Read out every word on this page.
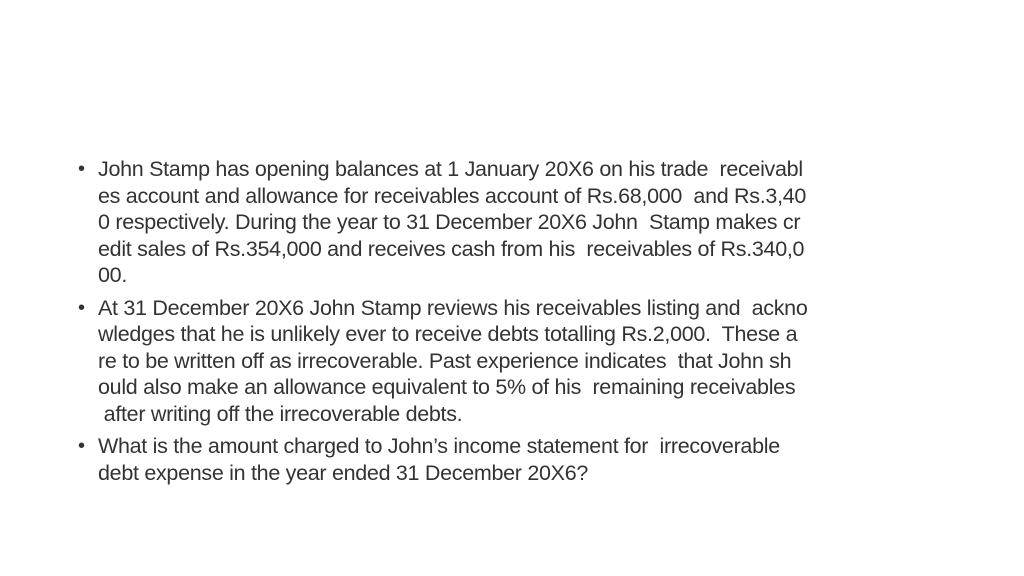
• John Stamp has opening balances at 1 January 20X6 on his trade  receivabl
es account and allowance for receivables account of Rs.68,000  and Rs.3,40
0 respectively. During the year to 31 December 20X6 John  Stamp makes cr
edit sales of Rs.354,000 and receives cash from his  receivables of Rs.340,0
00.
• At 31 December 20X6 John Stamp reviews his receivables listing and  ackno
wledges that he is unlikely ever to receive debts totalling Rs.2,000.  These a
re to be written off as irrecoverable. Past experience indicates  that John sh
ould also make an allowance equivalent to 5% of his  remaining receivables
after writing off the irrecoverable debts.
• What is the amount charged to John’s income statement for  irrecoverable
debt expense in the year ended 31 December 20X6?
